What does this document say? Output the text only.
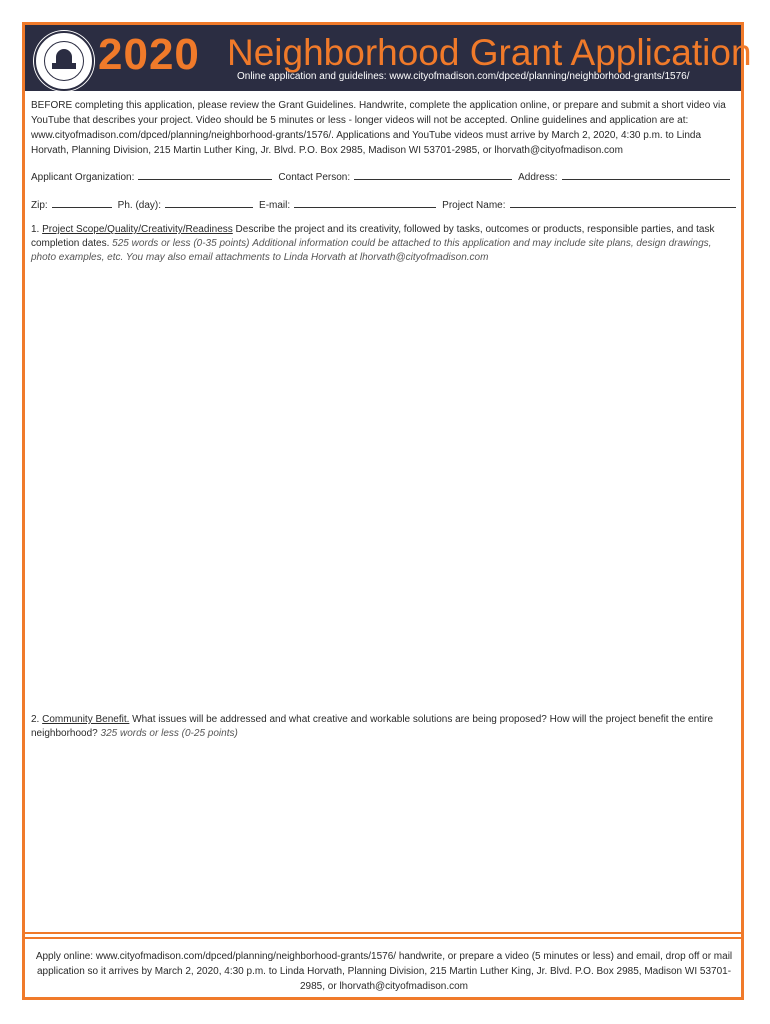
2020 Neighborhood Grant Application
Online application and guidelines: www.cityofmadison.com/dpced/planning/neighborhood-grants/1576/
BEFORE completing this application, please review the Grant Guidelines. Handwrite, complete the application online, or prepare and submit a short video via YouTube that describes your project. Video should be 5 minutes or less - longer videos will not be accepted. Online guidelines and application are at: www.cityofmadison.com/dpced/planning/neighborhood-grants/1576/. Applications and YouTube videos must arrive by March 2, 2020, 4:30 p.m. to Linda Horvath, Planning Division, 215 Martin Luther King, Jr. Blvd. P.O. Box 2985, Madison WI 53701-2985, or lhorvath@cityofmadison.com
Applicant Organization:	Contact Person:	Address:
Zip:	Ph. (day):	E-mail:	Project Name:
1. Project Scope/Quality/Creativity/Readiness Describe the project and its creativity, followed by tasks, outcomes or products, responsible parties, and task completion dates. 525 words or less (0-35 points) Additional information could be attached to this application and may include site plans, design drawings, photo examples, etc. You may also email attachments to Linda Horvath at lhorvath@cityofmadison.com
2. Community Benefit. What issues will be addressed and what creative and workable solutions are being proposed? How will the project benefit the entire neighborhood? 325 words or less (0-25 points)
Apply online: www.cityofmadison.com/dpced/planning/neighborhood-grants/1576/ handwrite, or prepare a video (5 minutes or less) and email, drop off or mail application so it arrives by March 2, 2020, 4:30 p.m. to Linda Horvath, Planning Division, 215 Martin Luther King, Jr. Blvd. P.O. Box 2985, Madison WI 53701-2985, or lhorvath@cityofmadison.com
